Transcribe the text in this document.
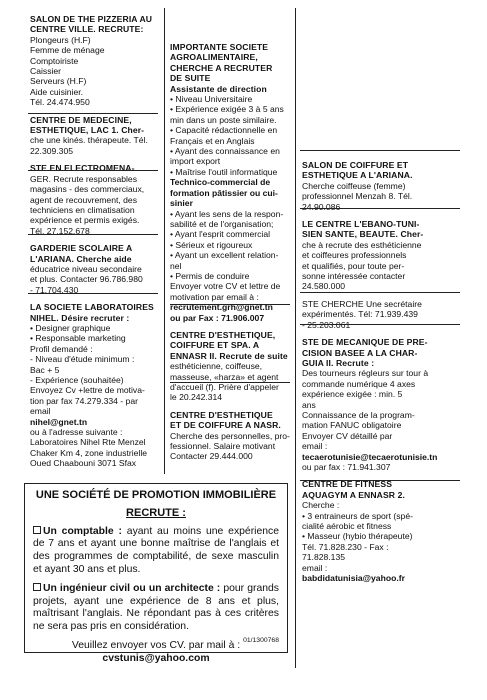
SALON DE THE PIZZERIA AU
CENTRE VILLE. RECRUTE:
Plongeurs (H.F)
Femme de ménage
Comptoiriste
Caissier
Serveurs (H.F)
Aide cuisinier.
Tél. 24.474.950
CENTRE DE MEDECINE,
ESTHETIQUE, LAC 1. Cher-
che une kinés. thérapeute. Tél.
22.309.305
STE EN ELECTROMENA-
GER. Recrute responsables
magasins - des commerciaux,
agent de recouvrement, des
techniciens en climatisation
expérience et permis exigés.
Tél. 27.152.678
GARDERIE SCOLAIRE A
L'ARIANA. Cherche aide
éducatrice niveau secondaire
et plus. Contacter 96.786.980
- 71.704.430
LA SOCIETE LABORATOIRES
NIHEL. Désire recruter :
• Designer graphique
• Responsable marketing
Profil demandé :
- Niveau d'étude minimum :
Bac + 5
- Expérience (souhaitée)
Envoyez Cv +lettre de motiva-
tion par fax 74.279.334 - par
email
nihel@gnet.tn
ou à l'adresse suivante :
Laboratoires Nihel Rte Menzel
Chaker Km 4, zone industrielle
Oued Chaabouni 3071 Sfax
IMPORTANTE SOCIETE
AGROALIMENTAIRE,
CHERCHE A RECRUTER
DE SUITE
Assistante de direction
• Niveau Universitaire
• Expérience exigée 3 à 5 ans
min dans un poste similaire.
• Capacité rédactionnelle en
Français et en Anglais
• Ayant des connaissance en
import export
• Maîtrise l'outil informatique
Technico-commercial de
formation pâtissier ou cui-
sinier
• Ayant les sens de la respon-
sabilité et de l'organisation;
• Ayant l'esprit commercial
• Sérieux et rigoureux
• Ayant un excellent relation-
nel
• Permis de conduire
Envoyer votre CV et lettre de
motivation par email à :
recrutement.grh@gnet.tn
ou par Fax : 71.906.007
CENTRE D'ESTHETIQUE,
COIFFURE ET SPA. A
ENNASR II. Recrute de suite
esthéticienne, coiffeuse,
masseuse, «harza» et agent
d'accueil (f). Prière d'appeler
le 20.242.314
CENTRE D'ESTHETIQUE
ET DE COIFFURE A NASR.
Cherche des personnelles, pro-
fessionnel. Salaire motivant
Contacter 29.444.000
SALON DE COIFFURE ET
ESTHETIQUE A L'ARIANA.
Cherche coiffeuse (femme)
professionnel Menzah 8. Tél.
24.90.086
LE CENTRE L'EBANO-TUNI-
SIEN SANTE, BEAUTE. Cher-
che à recrute des esthéticienne
et coiffeures professionnels
et qualifiés, pour toute per-
sonne intéressée contacter
24.580.000
STE CHERCHE Une secrétaire
expérimentés. Tél: 71.939.439
- 25.203.061
STE DE MECANIQUE DE PRE-
CISION BASEE A LA CHAR-
GUIA II. Recrute :
Des tourneurs régleurs sur tour à
commande numérique 4 axes
expérience exigée : min. 5
ans
Connaissance de la program-
mation FANUC obligatoire
Envoyer CV détaillé par
email :
tecaerotunisie@tecaerotunisie.tn
ou par fax : 71.941.307
CENTRE DE FITNESS
AQUAGYM A ENNASR 2.
Cherche :
• 3 entraineurs de sport (spé-
cialité aérobic et fitness
• Masseur (hybio thérapeute)
Tél. 71.828.230 - Fax :
71.828.135
email :
babdidatunisia@yahoo.fr
UNE SOCIÉTÉ DE PROMOTION IMMOBILIÈRE
RECRUTE :

Un comptable : ayant au moins une expérience de 7 ans et ayant une bonne maîtrise de l'anglais et des programmes de comptabilité, de sexe masculin et ayant 30 ans et plus.

Un ingénieur civil ou un architecte : pour grands projets, ayant une expérience de 8 ans et plus, maîtrisant l'anglais. Ne répondant pas à ces critères ne sera pas pris en considération.

Veuillez envoyer vos CV. par mail à :
cvstunis@yahoo.com
01/1300768
